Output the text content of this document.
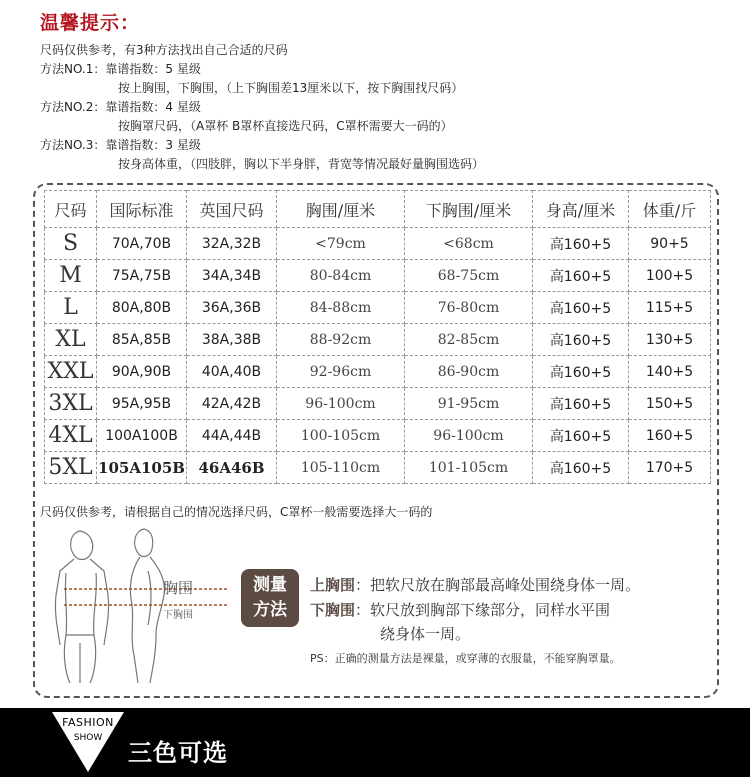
温馨提示：
尺码仅供参考，有3种方法找出自己合适的尺码
方法NO.1：靠谱指数：5 星级
按上胸围，下胸围，（上下胸围差13厘米以下，按下胸围找尺码）
方法NO.2：靠谱指数：4 星级
按胸罩尺码，（A罩杯 B罩杯直接选尺码，C罩杯需要大一码的）
方法NO.3：靠谱指数：3 星级
按身高体重，（四肢胖，胸以下半身胖，背宽等情况最好量胸围选码）
尺码	国际标准	英国尺码	胸围/厘米	下胸围/厘米	身高/厘米	体重/斤
S	70A,70B	32A,32B	<79cm	<68cm	高160+5	90+5
M	75A,75B	34A,34B	80-84cm	68-75cm	高160+5	100+5
L	80A,80B	36A,36B	84-88cm	76-80cm	高160+5	115+5
XL	85A,85B	38A,38B	88-92cm	82-85cm	高160+5	130+5
XXL	90A,90B	40A,40B	92-96cm	86-90cm	高160+5	140+5
3XL	95A,95B	42A,42B	96-100cm	91-95cm	高160+5	150+5
4XL	100A100B	44A,44B	100-105cm	96-100cm	高160+5	160+5
5XL	105A105B	46A46B	105-110cm	101-105cm	高160+5	170+5
尺码仅供参考，请根据自己的情况选择尺码，C罩杯一般需要选择大一码的
胸围
下胸围
测量
方法
上胸围：把软尺放在胸部最高峰处围绕身体一周。
下胸围：软尺放到胸部下缘部分，同样水平围
绕身体一周。
PS：正确的测量方法是裸量，或穿薄的衣服量，不能穿胸罩量。
FASHION
SHOW
三色可选
